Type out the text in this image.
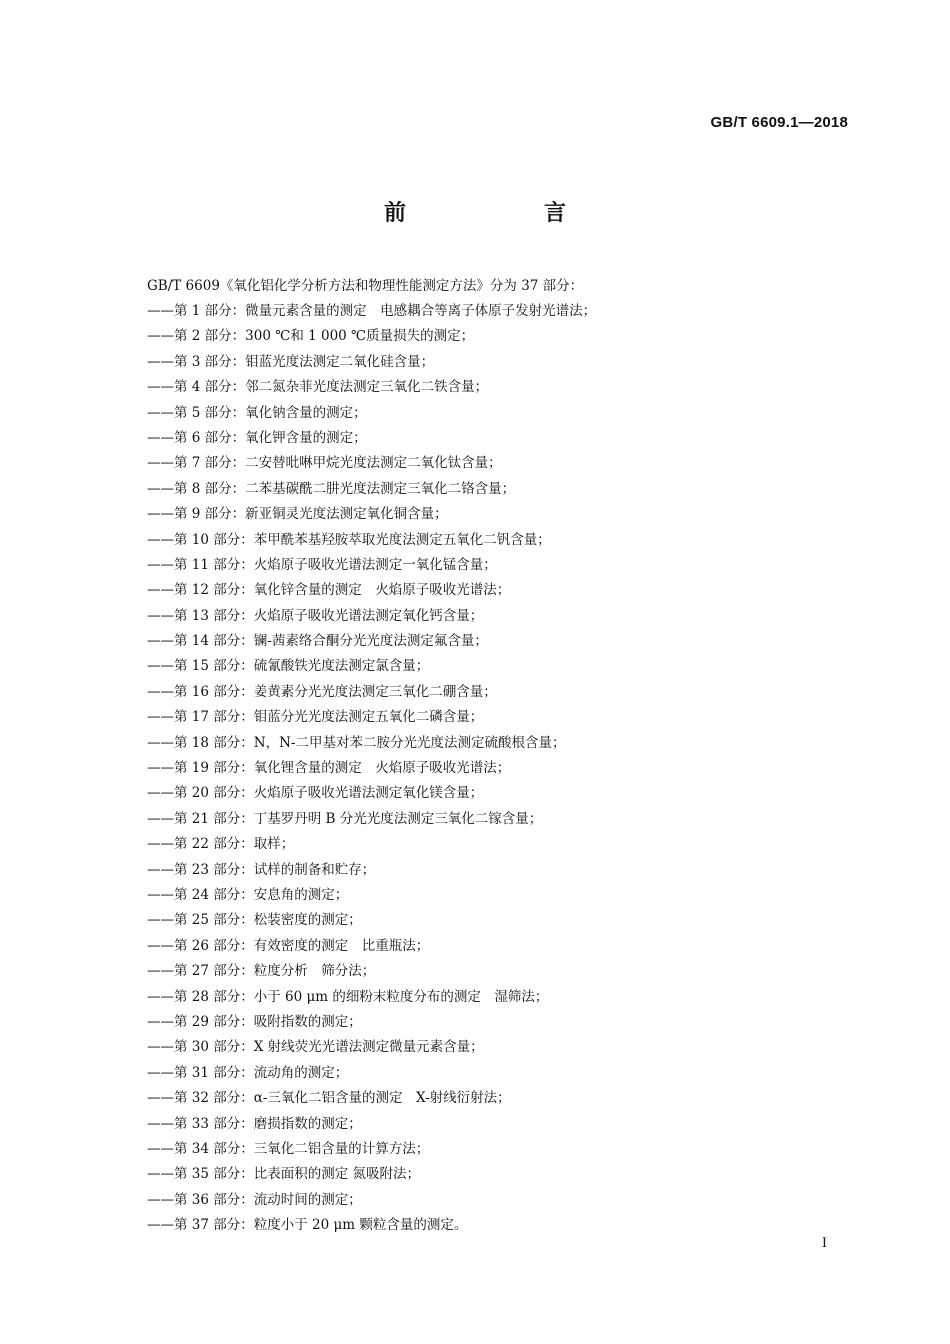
GB/T 6609.1—2018
前　言
GB/T 6609《氧化铝化学分析方法和物理性能测定方法》分为 37 部分：
——第 1 部分：微量元素含量的测定　电感耦合等离子体原子发射光谱法；
——第 2 部分：300 ℃和 1 000 ℃质量损失的测定；
——第 3 部分：钼蓝光度法测定二氧化硅含量；
——第 4 部分：邻二氮杂菲光度法测定三氧化二铁含量；
——第 5 部分：氧化钠含量的测定；
——第 6 部分：氧化钾含量的测定；
——第 7 部分：二安替吡啉甲烷光度法测定二氧化钛含量；
——第 8 部分：二苯基碳酰二肼光度法测定三氧化二铬含量；
——第 9 部分：新亚铜灵光度法测定氧化铜含量；
——第 10 部分：苯甲酰苯基羟胺萃取光度法测定五氧化二钒含量；
——第 11 部分：火焰原子吸收光谱法测定一氧化锰含量；
——第 12 部分：氧化锌含量的测定　火焰原子吸收光谱法；
——第 13 部分：火焰原子吸收光谱法测定氧化钙含量；
——第 14 部分：镧-茜素络合酮分光光度法测定氟含量；
——第 15 部分：硫氰酸铁光度法测定氯含量；
——第 16 部分：姜黄素分光光度法测定三氧化二硼含量；
——第 17 部分：钼蓝分光光度法测定五氧化二磷含量；
——第 18 部分：N，N-二甲基对苯二胺分光光度法测定硫酸根含量；
——第 19 部分：氧化锂含量的测定　火焰原子吸收光谱法；
——第 20 部分：火焰原子吸收光谱法测定氧化镁含量；
——第 21 部分：丁基罗丹明 B 分光光度法测定三氧化二镓含量；
——第 22 部分：取样；
——第 23 部分：试样的制备和贮存；
——第 24 部分：安息角的测定；
——第 25 部分：松装密度的测定；
——第 26 部分：有效密度的测定　比重瓶法；
——第 27 部分：粒度分析　筛分法；
——第 28 部分：小于 60 μm 的细粉末粒度分布的测定　湿筛法；
——第 29 部分：吸附指数的测定；
——第 30 部分：X 射线荧光光谱法测定微量元素含量；
——第 31 部分：流动角的测定；
——第 32 部分：α-三氧化二铝含量的测定　X-射线衍射法；
——第 33 部分：磨损指数的测定；
——第 34 部分：三氧化二铝含量的计算方法；
——第 35 部分：比表面积的测定 氮吸附法；
——第 36 部分：流动时间的测定；
——第 37 部分：粒度小于 20 μm 颗粒含量的测定。
I
